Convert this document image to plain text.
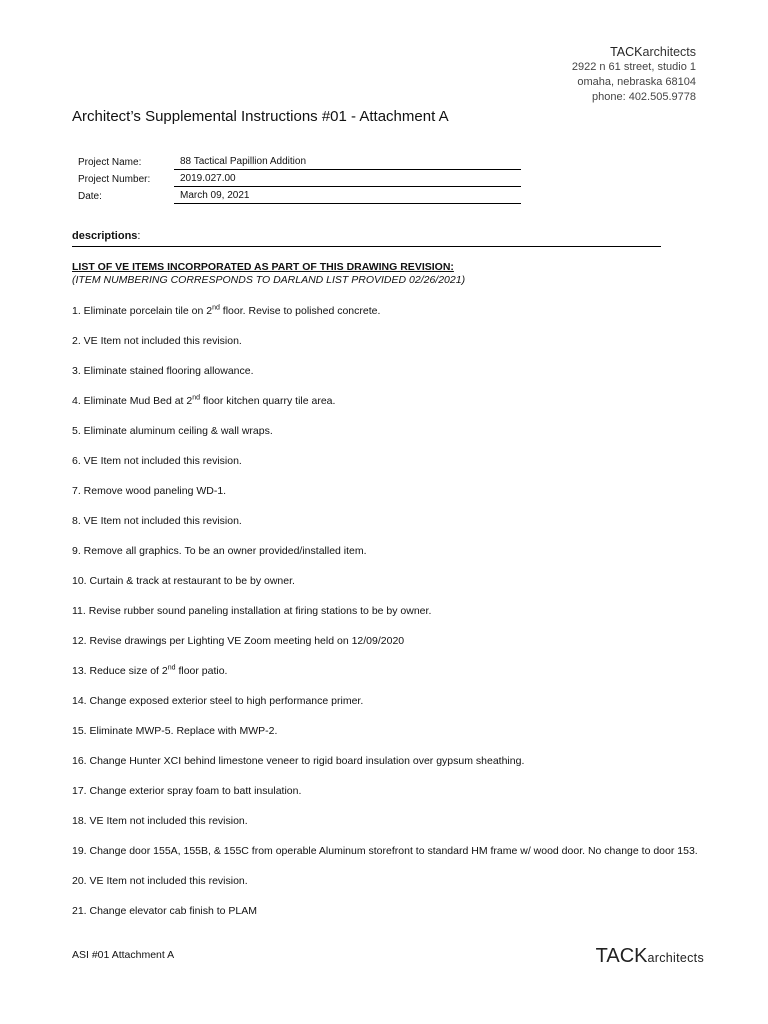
TACKarchitects
2922 n 61 street, studio 1
omaha, nebraska 68104
phone: 402.505.9778
Architect’s Supplemental Instructions #01 - Attachment A
Project Name:	88 Tactical Papillion Addition
Project Number:	2019.027.00
Date:	March 09, 2021
descriptions:
LIST OF VE ITEMS INCORPORATED AS PART OF THIS DRAWING REVISION:
(ITEM NUMBERING CORRESPONDS TO DARLAND LIST PROVIDED 02/26/2021)
1. Eliminate porcelain tile on 2nd floor. Revise to polished concrete.
2. VE Item not included this revision.
3. Eliminate stained flooring allowance.
4. Eliminate Mud Bed at 2nd floor kitchen quarry tile area.
5. Eliminate aluminum ceiling & wall wraps.
6. VE Item not included this revision.
7. Remove wood paneling WD-1.
8. VE Item not included this revision.
9. Remove all graphics. To be an owner provided/installed item.
10. Curtain & track at restaurant to be by owner.
11. Revise rubber sound paneling installation at firing stations to be by owner.
12. Revise drawings per Lighting VE Zoom meeting held on 12/09/2020
13. Reduce size of 2nd floor patio.
14. Change exposed exterior steel to high performance primer.
15. Eliminate MWP-5. Replace with MWP-2.
16. Change Hunter XCI behind limestone veneer to rigid board insulation over gypsum sheathing.
17. Change exterior spray foam to batt insulation.
18. VE Item not included this revision.
19. Change door 155A, 155B, & 155C from operable Aluminum storefront to standard HM frame w/ wood door. No change to door 153.
20. VE Item not included this revision.
21. Change elevator cab finish to PLAM
ASI #01 Attachment A	TACKarchitects
